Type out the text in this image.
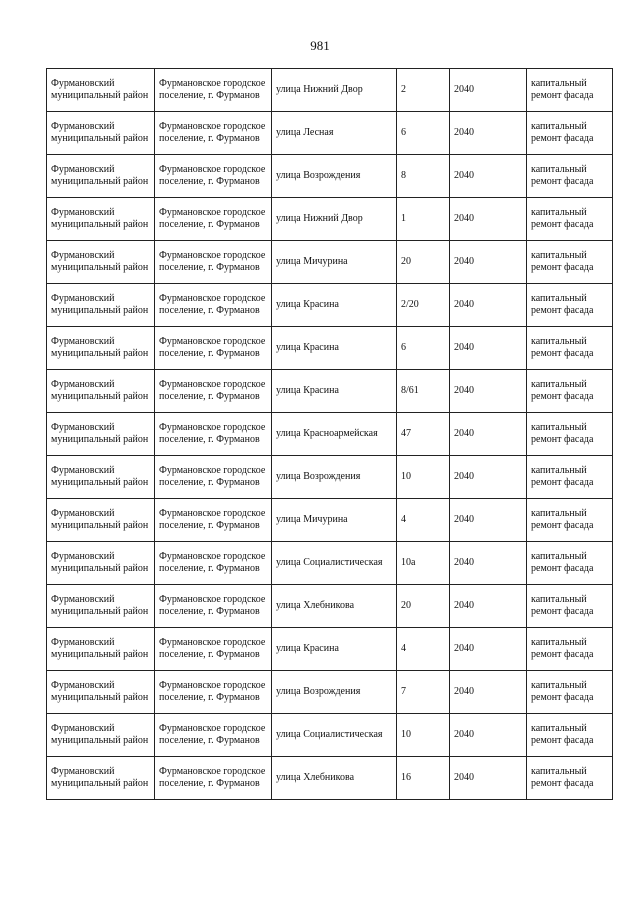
981
Фурмановский муниципальный район	Фурмановское городское поселение, г. Фурманов	улица Нижний Двор	2	2040	капитальный ремонт фасада
Фурмановский муниципальный район	Фурмановское городское поселение, г. Фурманов	улица Лесная	6	2040	капитальный ремонт фасада
Фурмановский муниципальный район	Фурмановское городское поселение, г. Фурманов	улица Возрождения	8	2040	капитальный ремонт фасада
Фурмановский муниципальный район	Фурмановское городское поселение, г. Фурманов	улица Нижний Двор	1	2040	капитальный ремонт фасада
Фурмановский муниципальный район	Фурмановское городское поселение, г. Фурманов	улица Мичурина	20	2040	капитальный ремонт фасада
Фурмановский муниципальный район	Фурмановское городское поселение, г. Фурманов	улица Красина	2/20	2040	капитальный ремонт фасада
Фурмановский муниципальный район	Фурмановское городское поселение, г. Фурманов	улица Красина	6	2040	капитальный ремонт фасада
Фурмановский муниципальный район	Фурмановское городское поселение, г. Фурманов	улица Красина	8/61	2040	капитальный ремонт фасада
Фурмановский муниципальный район	Фурмановское городское поселение, г. Фурманов	улица Красноармейская	47	2040	капитальный ремонт фасада
Фурмановский муниципальный район	Фурмановское городское поселение, г. Фурманов	улица Возрождения	10	2040	капитальный ремонт фасада
Фурмановский муниципальный район	Фурмановское городское поселение, г. Фурманов	улица Мичурина	4	2040	капитальный ремонт фасада
Фурмановский муниципальный район	Фурмановское городское поселение, г. Фурманов	улица Социалистическая	10а	2040	капитальный ремонт фасада
Фурмановский муниципальный район	Фурмановское городское поселение, г. Фурманов	улица Хлебникова	20	2040	капитальный ремонт фасада
Фурмановский муниципальный район	Фурмановское городское поселение, г. Фурманов	улица Красина	4	2040	капитальный ремонт фасада
Фурмановский муниципальный район	Фурмановское городское поселение, г. Фурманов	улица Возрождения	7	2040	капитальный ремонт фасада
Фурмановский муниципальный район	Фурмановское городское поселение, г. Фурманов	улица Социалистическая	10	2040	капитальный ремонт фасада
Фурмановский муниципальный район	Фурмановское городское поселение, г. Фурманов	улица Хлебникова	16	2040	капитальный ремонт фасада
